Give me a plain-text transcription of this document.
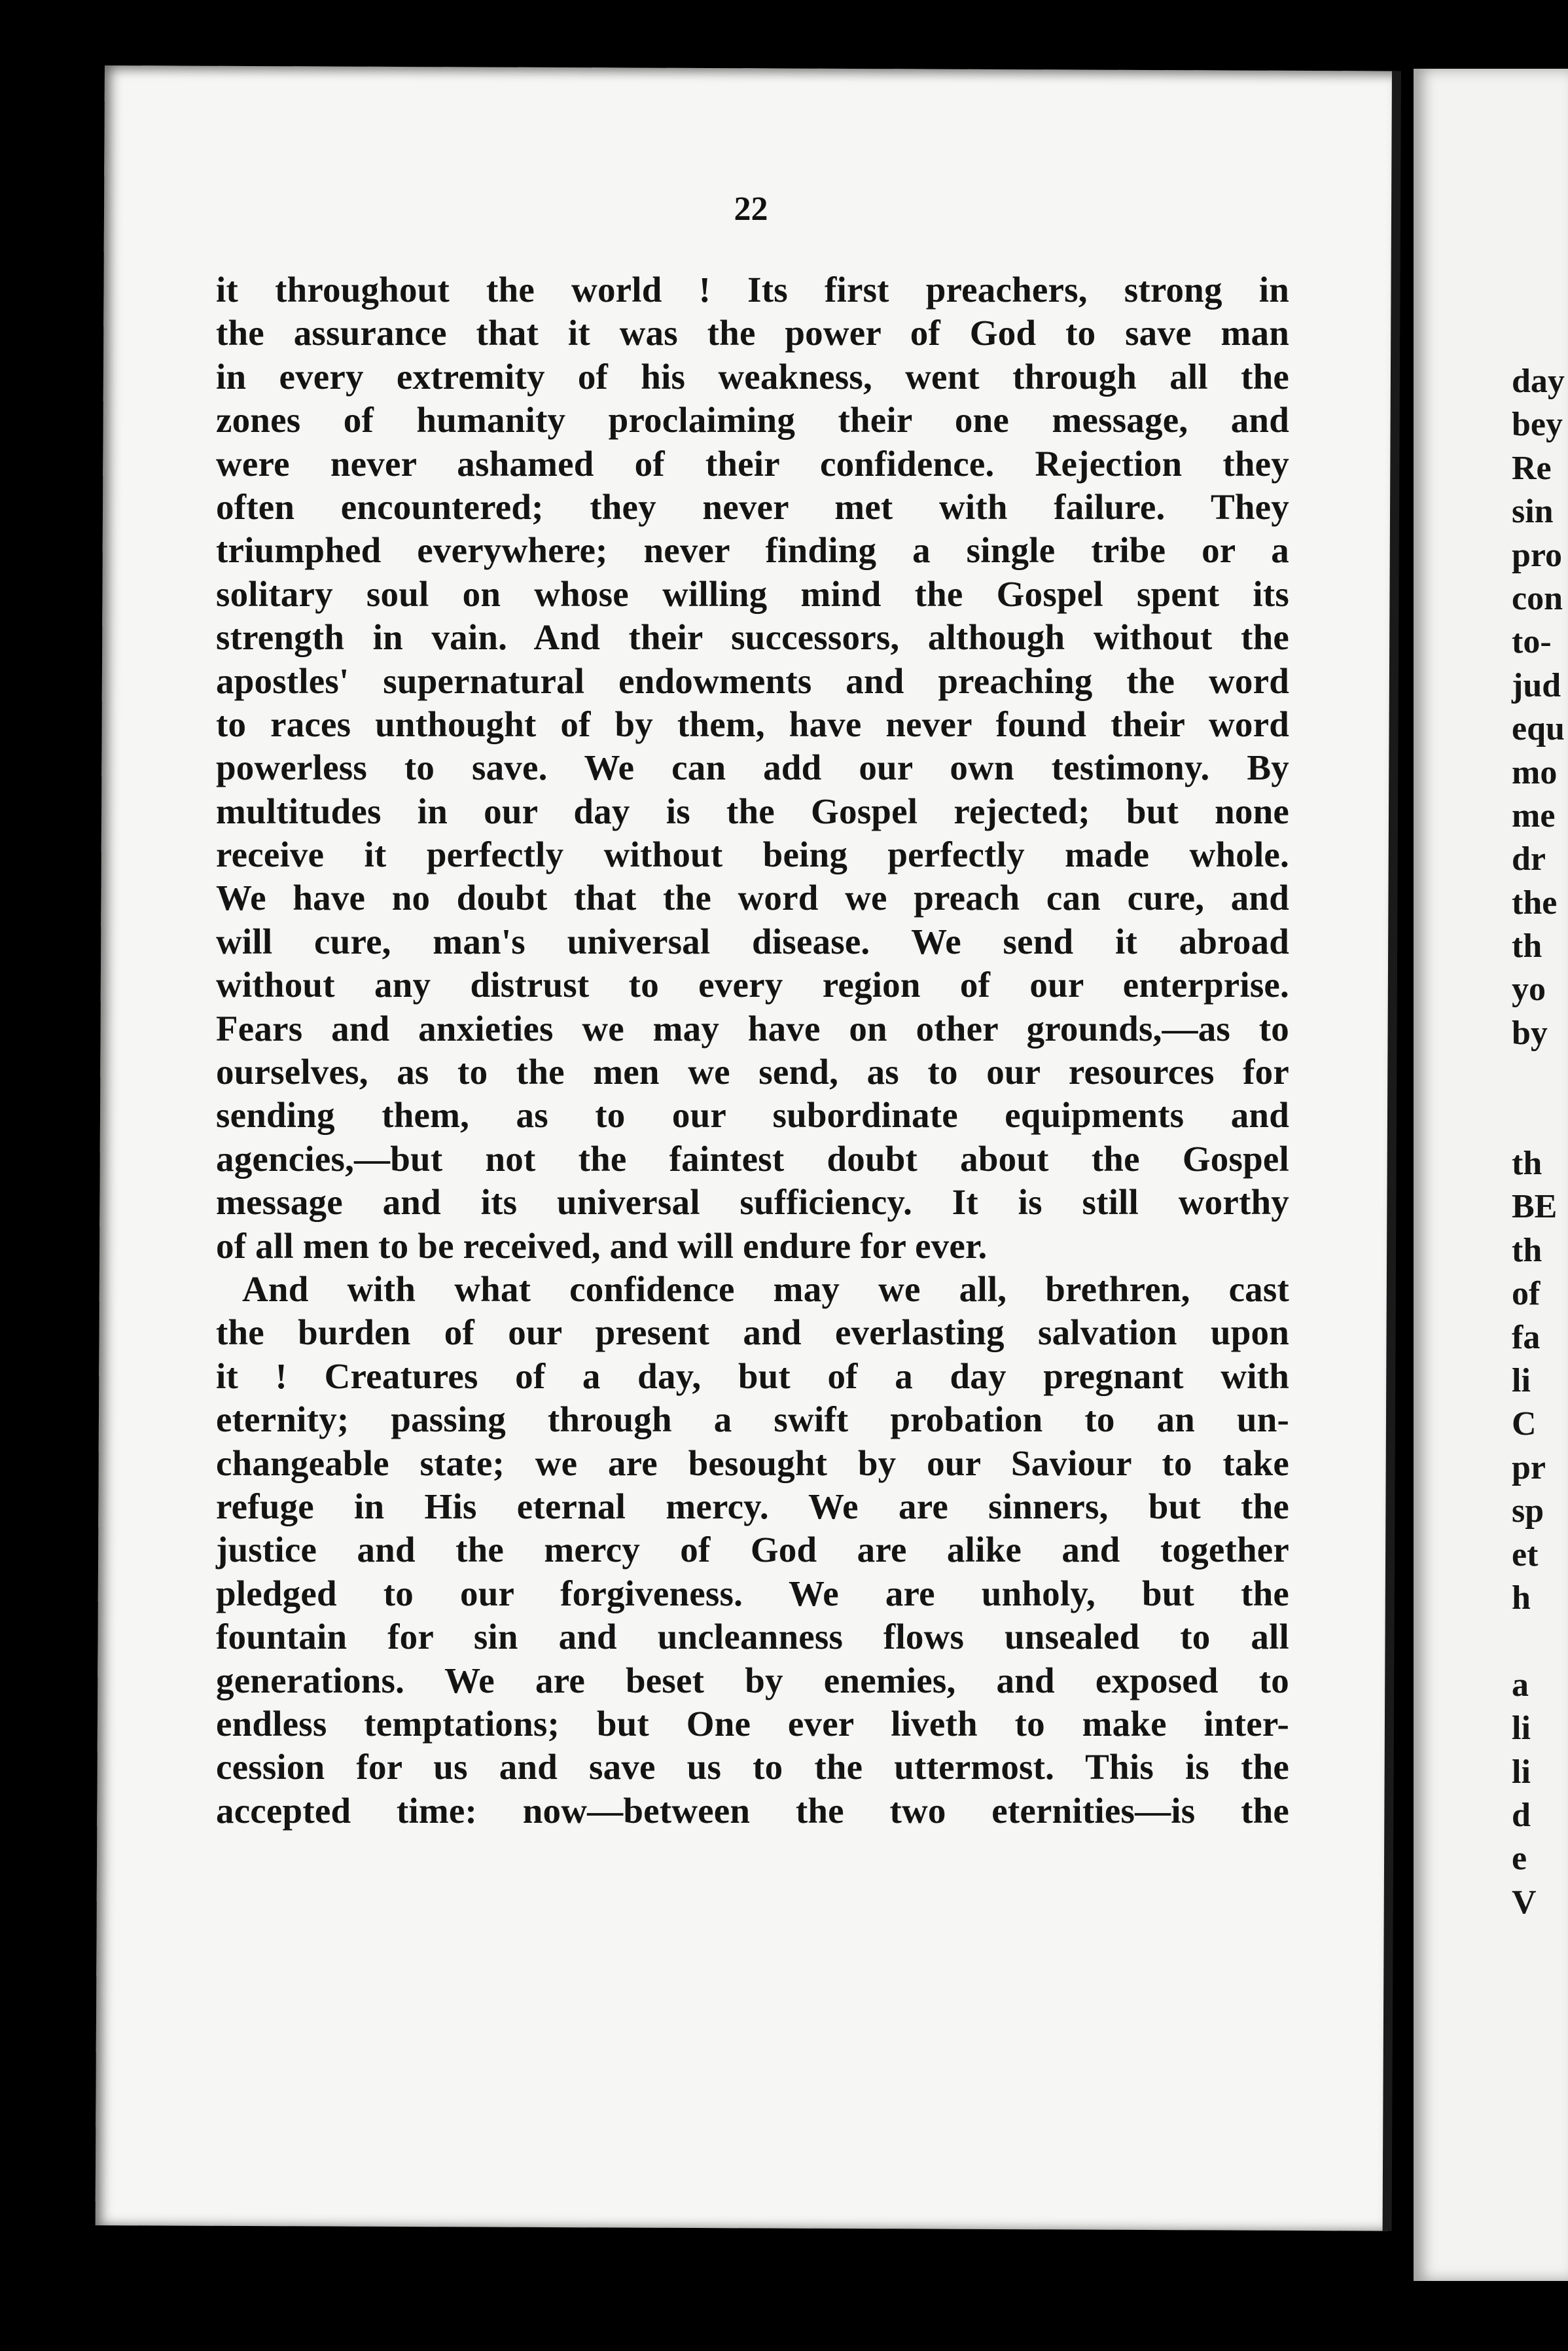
22

it throughout the world ! Its first preachers, strong in
the assurance that it was the power of God to save man
in every extremity of his weakness, went through all the
zones of humanity proclaiming their one message, and
were never ashamed of their confidence. Rejection they
often encountered; they never met with failure. They
triumphed everywhere; never finding a single tribe or a
solitary soul on whose willing mind the Gospel spent its
strength in vain. And their successors, although without the
apostles' supernatural endowments and preaching the word
to races unthought of by them, have never found their word
powerless to save. We can add our own testimony. By
multitudes in our day is the Gospel rejected; but none
receive it perfectly without being perfectly made whole.
We have no doubt that the word we preach can cure, and
will cure, man's universal disease. We send it abroad
without any distrust to every region of our enterprise.
Fears and anxieties we may have on other grounds,—as to
ourselves, as to the men we send, as to our resources for
sending them, as to our subordinate equipments and
agencies,—but not the faintest doubt about the Gospel
message and its universal sufficiency. It is still worthy
of all men to be received, and will endure for ever.
And with what confidence may we all, brethren, cast
the burden of our present and everlasting salvation upon
it ! Creatures of a day, but of a day pregnant with
eternity; passing through a swift probation to an un-
changeable state; we are besought by our Saviour to take
refuge in His eternal mercy. We are sinners, but the
justice and the mercy of God are alike and together
pledged to our forgiveness. We are unholy, but the
fountain for sin and uncleanness flows unsealed to all
generations. We are beset by enemies, and exposed to
endless temptations; but One ever liveth to make inter-
cession for us and save us to the uttermost. This is the
accepted time: now—between the two eternities—is the
day
bey
Re
sin
pro
con
to-
jud
equ
mo
me
dr
the
th
yo
by
th
BE
th
of
fa
li
C
pr
sp
et
h
a
li
li
d
e
V
